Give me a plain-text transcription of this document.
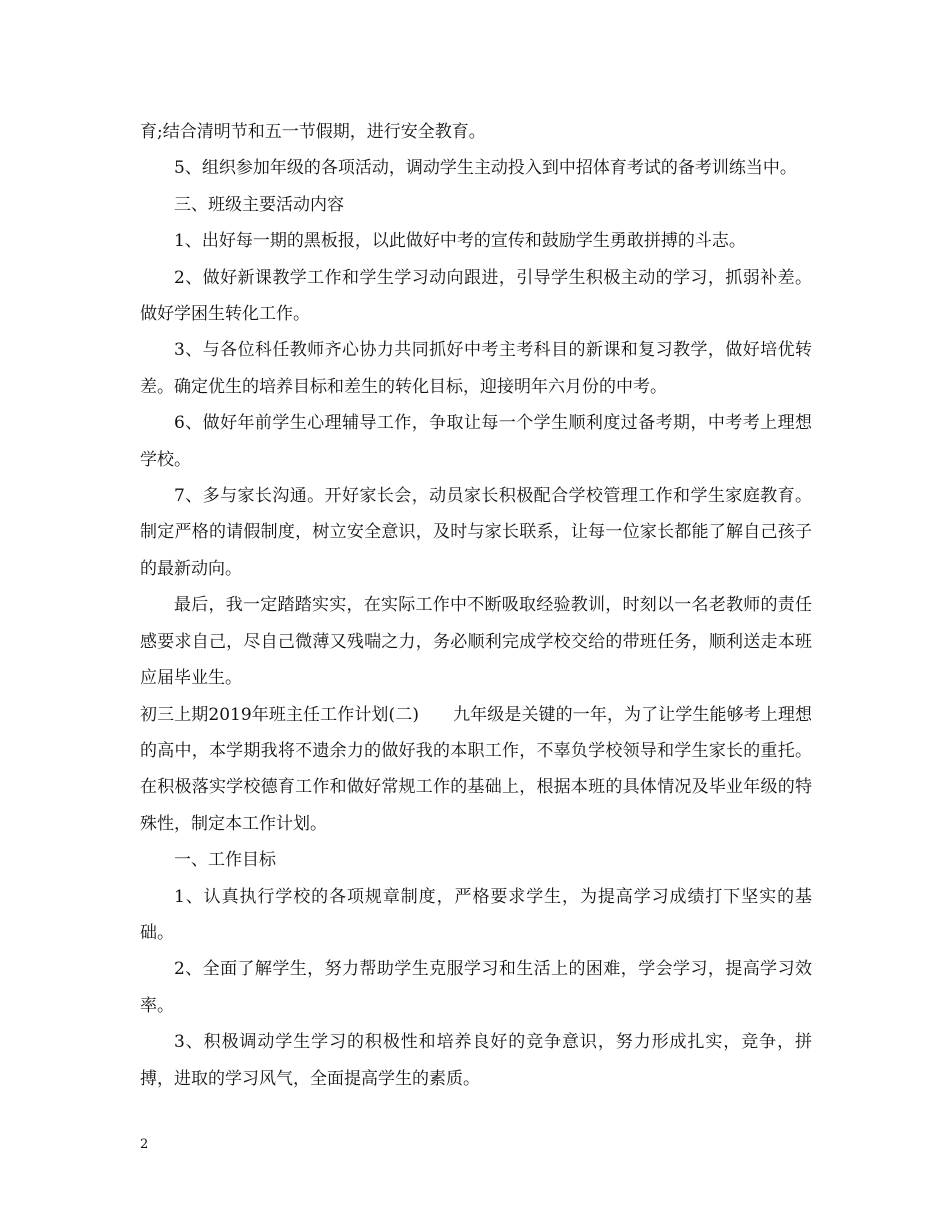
育;结合清明节和五一节假期，进行安全教育。

5、组织参加年级的各项活动，调动学生主动投入到中招体育考试的备考训练当中。

三、班级主要活动内容

1、出好每一期的黑板报，以此做好中考的宣传和鼓励学生勇敢拼搏的斗志。

2、做好新课教学工作和学生学习动向跟进，引导学生积极主动的学习，抓弱补差。做好学困生转化工作。

3、与各位科任教师齐心协力共同抓好中考主考科目的新课和复习教学，做好培优转差。确定优生的培养目标和差生的转化目标，迎接明年六月份的中考。

6、做好年前学生心理辅导工作，争取让每一个学生顺利度过备考期，中考考上理想学校。

7、多与家长沟通。开好家长会，动员家长积极配合学校管理工作和学生家庭教育。制定严格的请假制度，树立安全意识，及时与家长联系，让每一位家长都能了解自己孩子的最新动向。

最后，我一定踏踏实实，在实际工作中不断吸取经验教训，时刻以一名老教师的责任感要求自己，尽自己微薄又残喘之力，务必顺利完成学校交给的带班任务，顺利送走本班应届毕业生。

初三上期2019年班主任工作计划(二) 九年级是关键的一年，为了让学生能够考上理想的高中，本学期我将不遗余力的做好我的本职工作，不辜负学校领导和学生家长的重托。在积极落实学校德育工作和做好常规工作的基础上，根据本班的具体情况及毕业年级的特殊性，制定本工作计划。

一、工作目标

1、认真执行学校的各项规章制度，严格要求学生，为提高学习成绩打下坚实的基础。

2、全面了解学生，努力帮助学生克服学习和生活上的困难，学会学习，提高学习效率。

3、积极调动学生学习的积极性和培养良好的竞争意识，努力形成扎实，竞争，拼搏，进取的学习风气，全面提高学生的素质。

2
